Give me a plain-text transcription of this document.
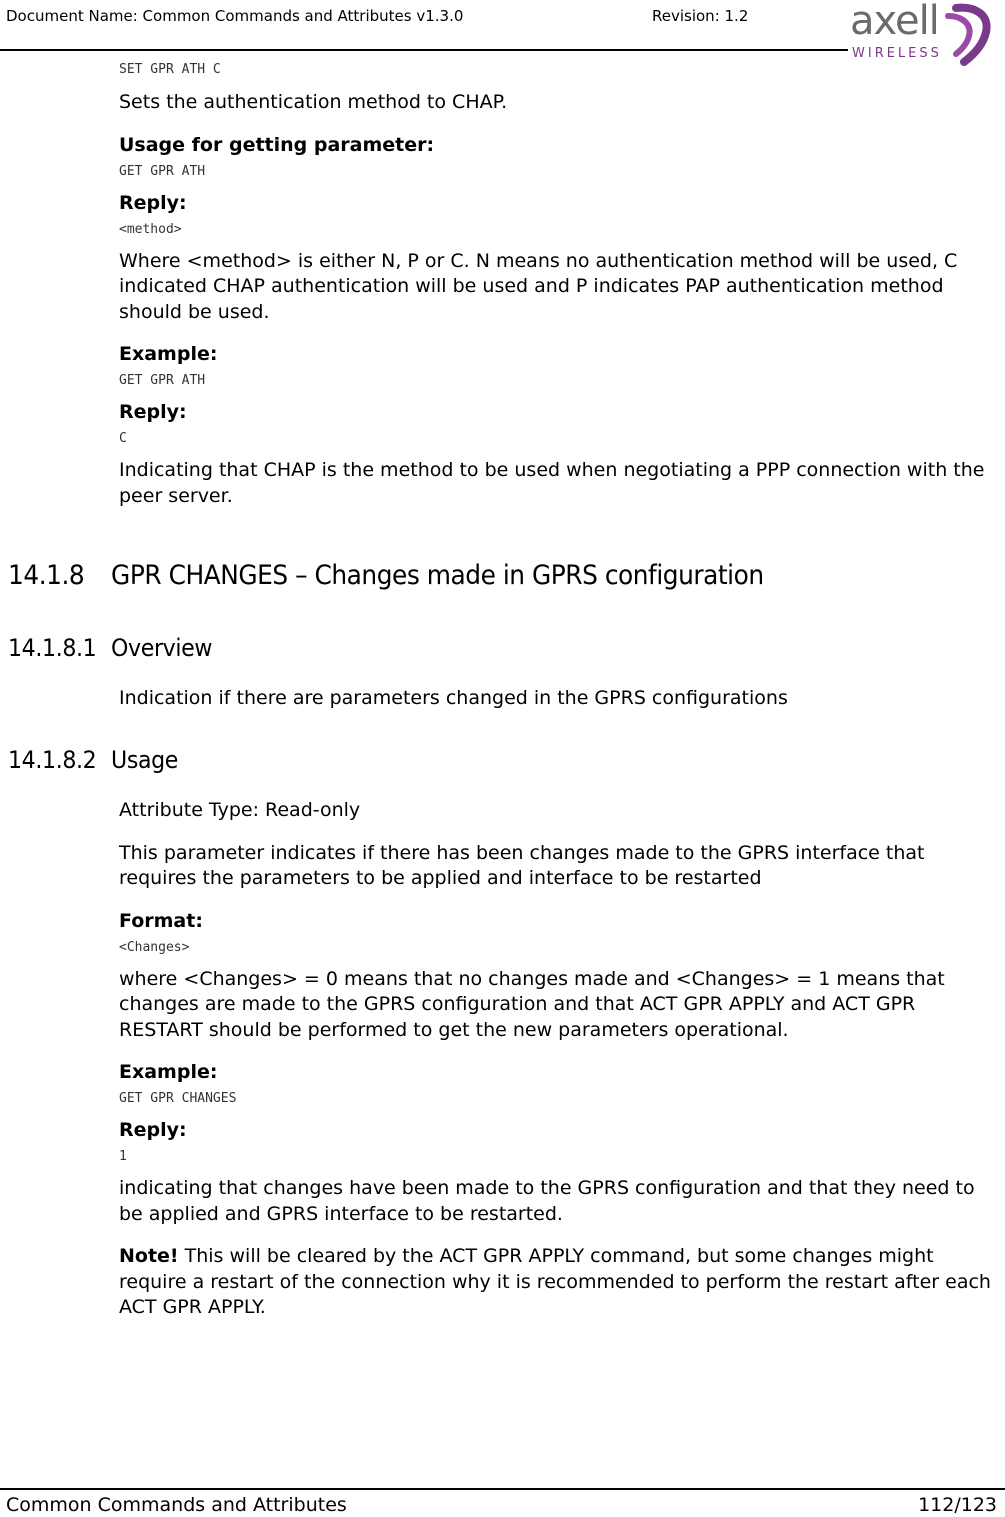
Document Name: Common Commands and Attributes v1.3.0	Revision: 1.2	axell
WIRELESS
SET GPR ATH C

Sets the authentication method to CHAP.

Usage for getting parameter:
GET GPR ATH
Reply:
<method>

Where <method> is either N, P or C. N means no authentication method will be used, C indicated CHAP authentication will be used and P indicates PAP authentication method should be used.

Example:
GET GPR ATH
Reply:
C

Indicating that CHAP is the method to be used when negotiating a PPP connection with the peer server.

14.1.8 GPR CHANGES – Changes made in GPRS configuration
14.1.8.1 Overview

Indication if there are parameters changed in the GPRS configurations

14.1.8.2 Usage

Attribute Type: Read-only

This parameter indicates if there has been changes made to the GPRS interface that requires the parameters to be applied and interface to be restarted

Format:
<Changes>

where <Changes> = 0 means that no changes made and <Changes> = 1 means that changes are made to the GPRS configuration and that ACT GPR APPLY and ACT GPR RESTART should be performed to get the new parameters operational.

Example:
GET GPR CHANGES
Reply:
1

indicating that changes have been made to the GPRS configuration and that they need to be applied and GPRS interface to be restarted.

Note! This will be cleared by the ACT GPR APPLY command, but some changes might require a restart of the connection why it is recommended to perform the restart after each ACT GPR APPLY.

Common Commands and Attributes	112/123
